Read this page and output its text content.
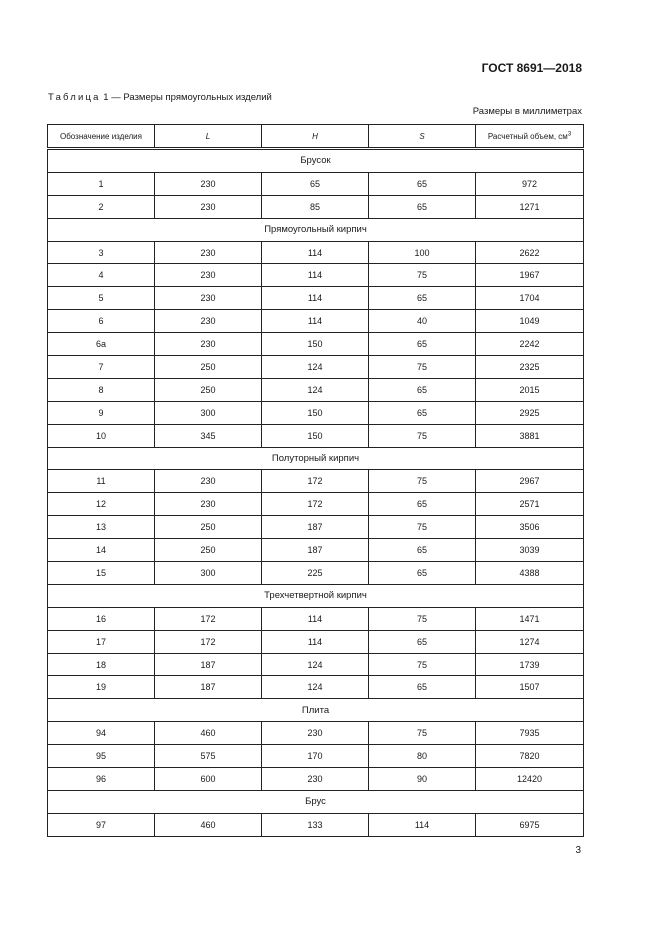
ГОСТ 8691—2018
Таблица 1 — Размеры прямоугольных изделий
Размеры в миллиметрах
Обозначение изделия	L	H	S	Расчетный объем, $см^3$
Брусок				
1	230	65	65	972
2	230	85	65	1271
Прямоугольный кирпич				
3	230	114	100	2622
4	230	114	75	1967
5	230	114	65	1704
6	230	114	40	1049
6а	230	150	65	2242
7	250	124	75	2325
8	250	124	65	2015
9	300	150	65	2925
10	345	150	75	3881
Полуторный кирпич				
11	230	172	75	2967
12	230	172	65	2571
13	250	187	75	3506
14	250	187	65	3039
15	300	225	65	4388
Трехчетвертной кирпич				
16	172	114	75	1471
17	172	114	65	1274
18	187	124	75	1739
19	187	124	65	1507
Плита				
94	460	230	75	7935
95	575	170	80	7820
96	600	230	90	12420
Брус				
97	460	133	114	6975
3
